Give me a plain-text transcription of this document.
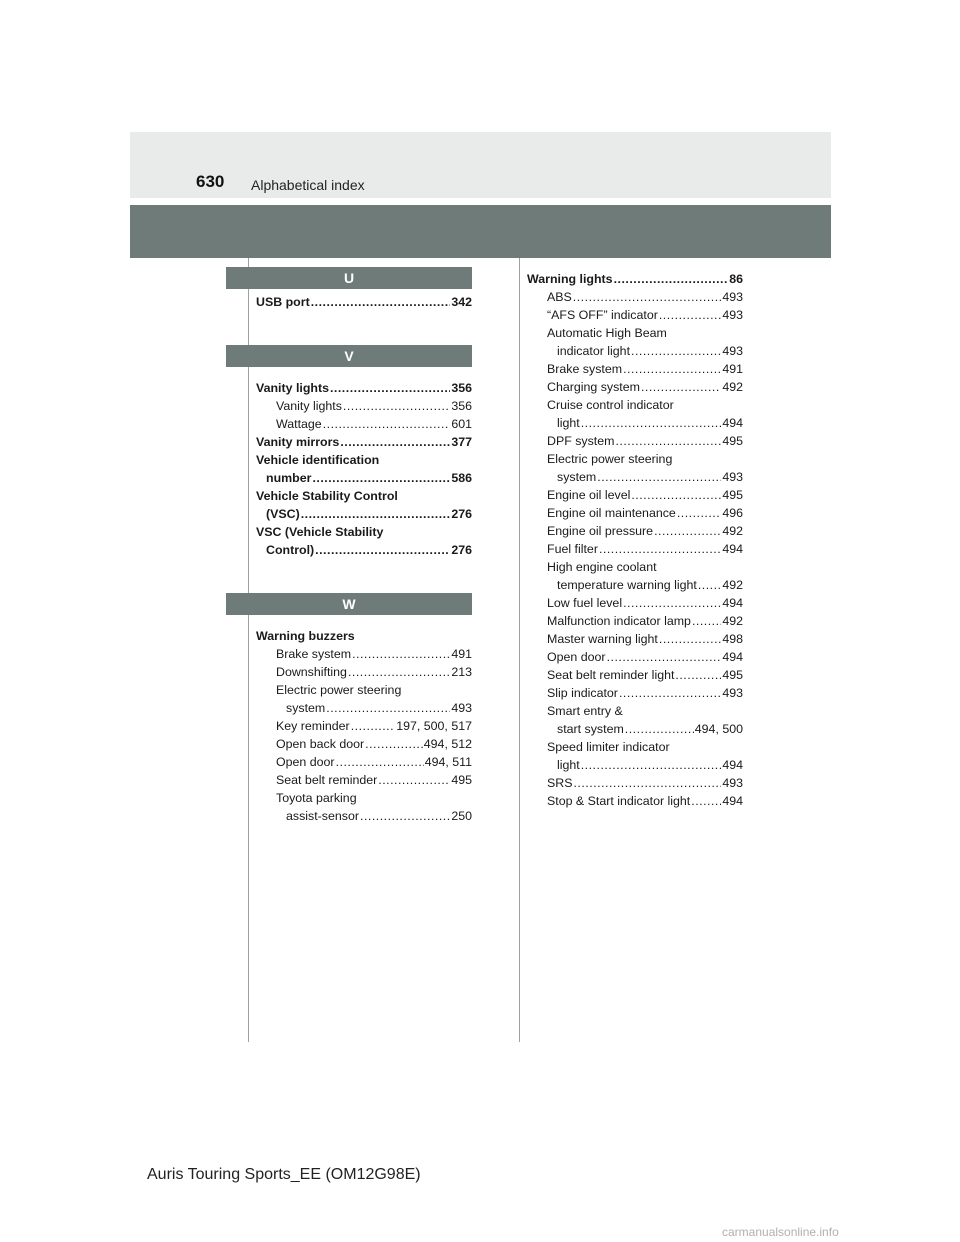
630 Alphabetical index
U
USB port .....	342
V
Vanity lights .....	356
Vanity lights .....	356
Wattage .....	601
Vanity mirrors .....	377
Vehicle identification
number .....	586
Vehicle Stability Control
(VSC) .....	276
VSC (Vehicle Stability
Control) .....	276
W
Warning buzzers
Brake system .....	491
Downshifting .....	213
Electric power steering
system .....	493
Key reminder .....	197, 500, 517
Open back door .....	494, 512
Open door .....	494, 511
Seat belt reminder .....	495
Toyota parking
assist-sensor .....	250
Warning lights .....	86
ABS .....	493
“AFS OFF” indicator .....	493
Automatic High Beam
indicator light .....	493
Brake system .....	491
Charging system .....	492
Cruise control indicator
light .....	494
DPF system .....	495
Electric power steering
system .....	493
Engine oil level .....	495
Engine oil maintenance .....	496
Engine oil pressure .....	492
Fuel filter .....	494
High engine coolant
temperature warning light ..... 492
Low fuel level .....	494
Malfunction indicator lamp .....	492
Master warning light .....	498
Open door .....	494
Seat belt reminder light .....	495
Slip indicator .....	493
Smart entry &
start system .....	494, 500
Speed limiter indicator
light .....	494
SRS .....	493
Stop & Start indicator light .....	494
Auris Touring Sports_EE (OM12G98E)
carmanualsonline.info
